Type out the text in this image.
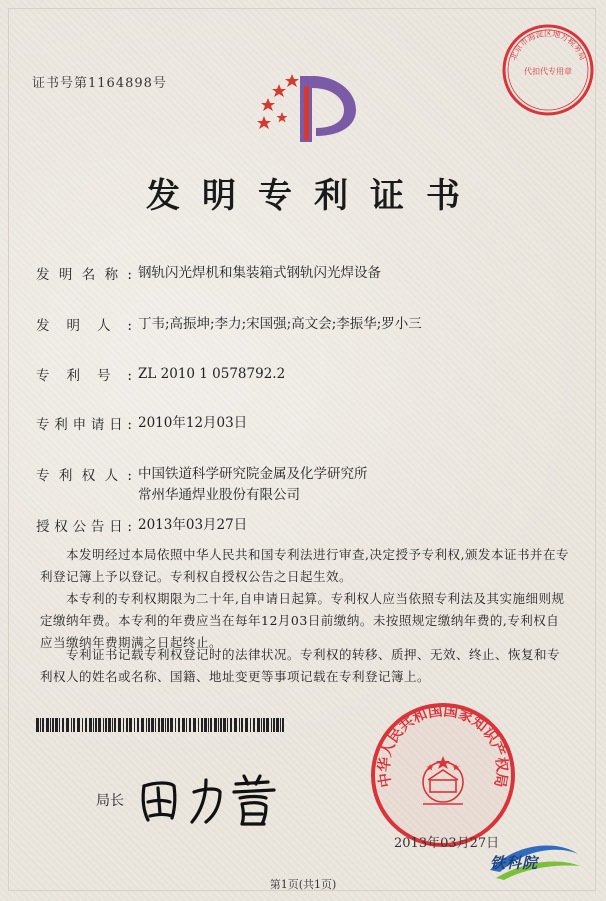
证书号第1164898号
北京市海淀区地方税务局
代扣代专用章
发明专利证书
发明名称: 钢轨闪光焊机和集装箱式钢轨闪光焊设备
发明人: 丁韦;高振坤;李力;宋国强;高文会;李振华;罗小三
专利号: ZL 2010 1 0578792.2
专利申请日: 2010年12月03日
专利权人: 中国铁道科学研究院金属及化学研究所
常州华通焊业股份有限公司
授权公告日: 2013年03月27日

本发明经过本局依照中华人民共和国专利法进行审查,决定授予专利权,颁发本证书并在专利登记簿上予以登记。专利权自授权公告之日起生效。

本专利的专利权期限为二十年,自申请日起算。专利权人应当依照专利法及其实施细则规定缴纳年费。本专利的年费应当在每年12月03日前缴纳。未按照规定缴纳年费的,专利权自应当缴纳年费期满之日起终止。

专利证书记载专利权登记时的法律状况。专利权的转移、质押、无效、终止、恢复和专利权人的姓名或名称、国籍、地址变更等事项记载在专利登记簿上。

局长
中华人民共和国国家知识产权局
2013年03月27日
第1页(共1页)
铁科院
